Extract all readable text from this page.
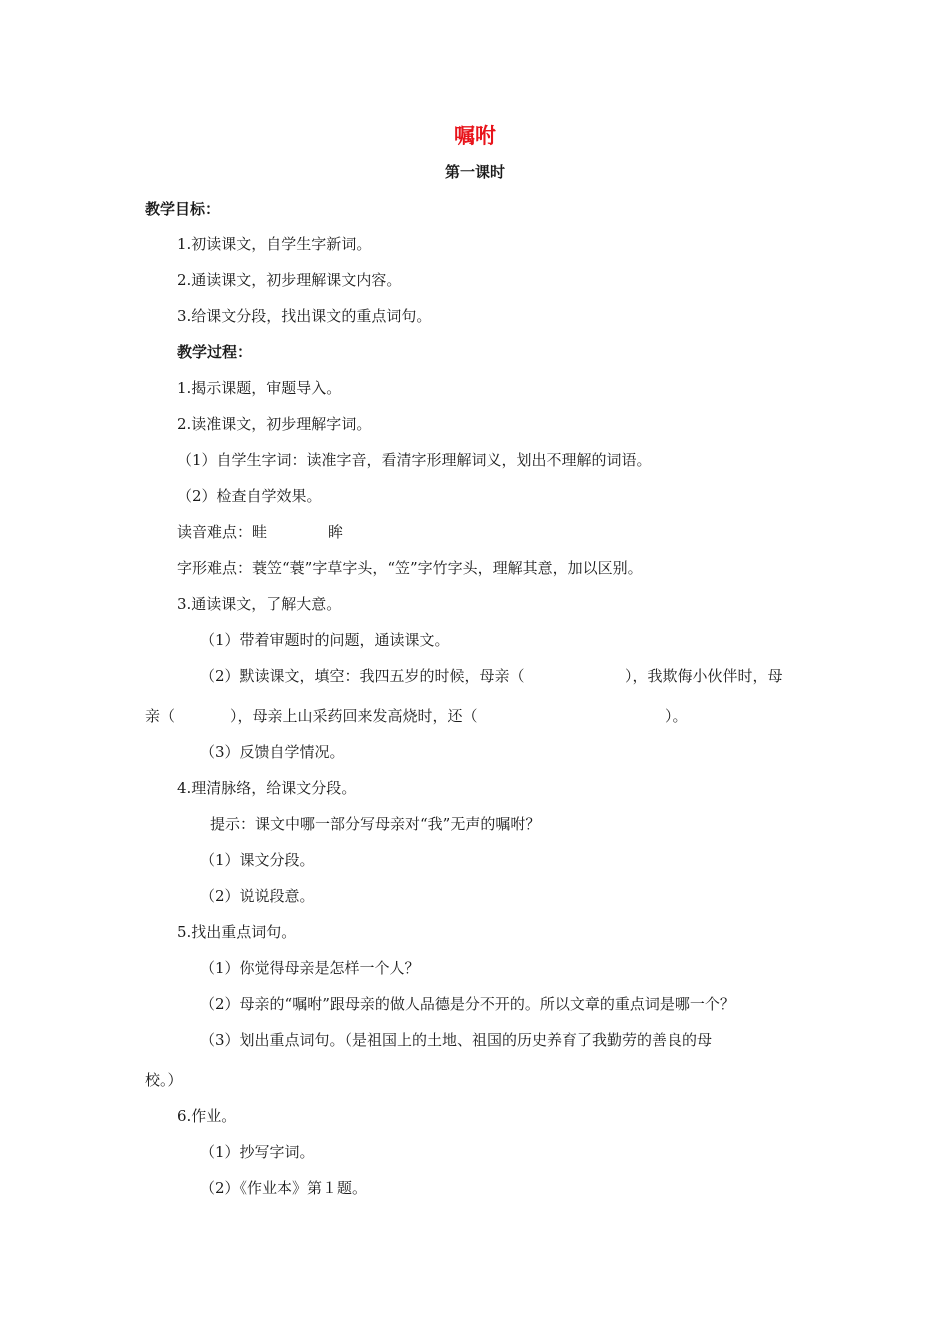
嘱咐
第一课时
教学目标：
1.初读课文，自学生字新词。
2.通读课文，初步理解课文内容。
3.给课文分段，找出课文的重点词句。
教学过程：
1.揭示课题，审题导入。
2.读准课文，初步理解字词。
（1）自学生字词：读准字音，看清字形理解词义，划出不理解的词语。
（2）检查自学效果。
读音难点：畦	眸
字形难点：蓑笠“蓑”字草字头，“笠”字竹字头，理解其意，加以区别。
3.通读课文，了解大意。
（1）带着审题时的问题，通读课文。
（2）默读课文，填空：我四五岁的时候，母亲（	），我欺侮小伙伴时，母
亲（	），母亲上山采药回来发高烧时，还（	）。
（3）反馈自学情况。
4.理清脉络，给课文分段。
提示：课文中哪一部分写母亲对“我”无声的嘱咐？
（1）课文分段。
（2）说说段意。
5.找出重点词句。
（1）你觉得母亲是怎样一个人？
（2）母亲的“嘱咐”跟母亲的做人品德是分不开的。所以文章的重点词是哪一个？
（3）划出重点词句。（是祖国上的土地、祖国的历史养育了我勤劳的善良的母
校。）
6.作业。
（1）抄写字词。
（2）《作业本》第１题。
